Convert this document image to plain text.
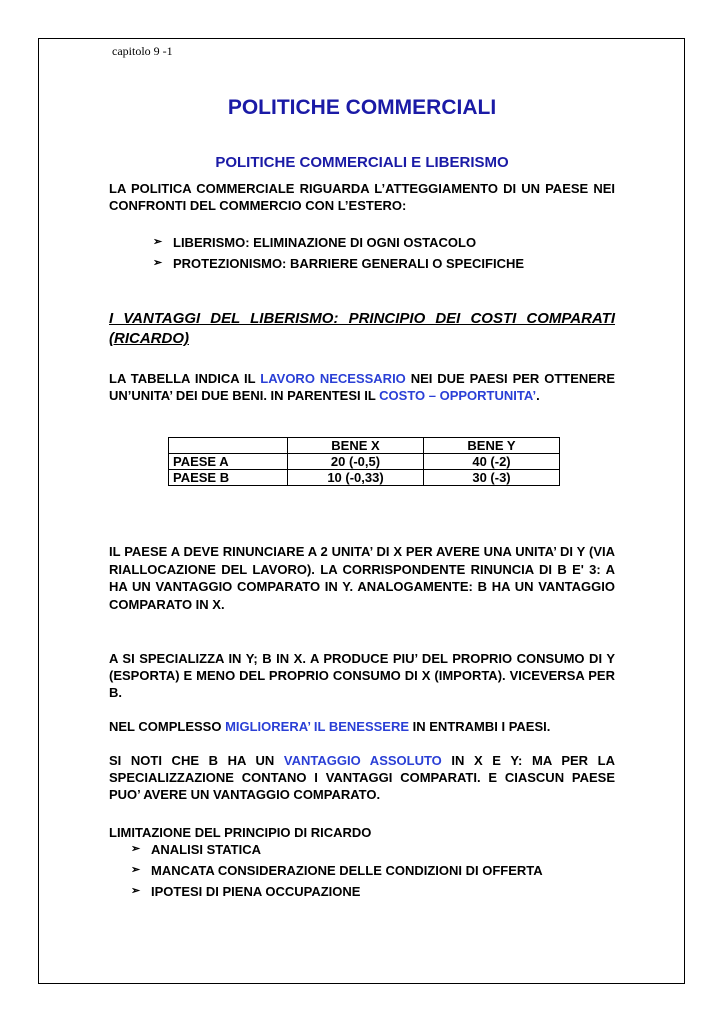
capitolo 9 -1
POLITICHE COMMERCIALI
POLITICHE COMMERCIALI E LIBERISMO

LA POLITICA COMMERCIALE RIGUARDA L’ATTEGGIAMENTO DI UN PAESE NEI CONFRONTI DEL COMMERCIO CON L’ESTERO:

➢ LIBERISMO: ELIMINAZIONE DI OGNI OSTACOLO
➢ PROTEZIONISMO: BARRIERE GENERALI O SPECIFICHE

I VANTAGGI DEL LIBERISMO: PRINCIPIO DEI COSTI COMPARATI (RICARDO)

LA TABELLA INDICA IL LAVORO NECESSARIO NEI DUE PAESI PER OTTENERE UN’UNITA’ DEI DUE BENI. IN PARENTESI IL COSTO – OPPORTUNITA’.

	BENE X	BENE Y
PAESE A	20 (-0,5)	40 (-2)
PAESE B	10 (-0,33)	30 (-3)

IL PAESE A DEVE RINUNCIARE A 2 UNITA’ DI X PER AVERE UNA UNITA’ DI Y (VIA RIALLOCAZIONE DEL LAVORO). LA CORRISPONDENTE RINUNCIA DI B E' 3: A HA UN VANTAGGIO COMPARATO IN Y. ANALOGAMENTE: B HA UN VANTAGGIO COMPARATO IN X.

A SI SPECIALIZZA IN Y; B IN X. A PRODUCE PIU’ DEL PROPRIO CONSUMO DI Y (ESPORTA) E MENO DEL PROPRIO CONSUMO DI X (IMPORTA). VICEVERSA PER B.

NEL COMPLESSO MIGLIORERA’ IL BENESSERE IN ENTRAMBI I PAESI.

SI NOTI CHE B HA UN VANTAGGIO ASSOLUTO IN X E Y: MA PER LA SPECIALIZZAZIONE CONTANO I VANTAGGI COMPARATI. E CIASCUN PAESE PUO’ AVERE UN VANTAGGIO COMPARATO.

LIMITAZIONE DEL PRINCIPIO DI RICARDO

➢ ANALISI STATICA
➢ MANCATA CONSIDERAZIONE DELLE CONDIZIONI DI OFFERTA
➢ IPOTESI DI PIENA OCCUPAZIONE
